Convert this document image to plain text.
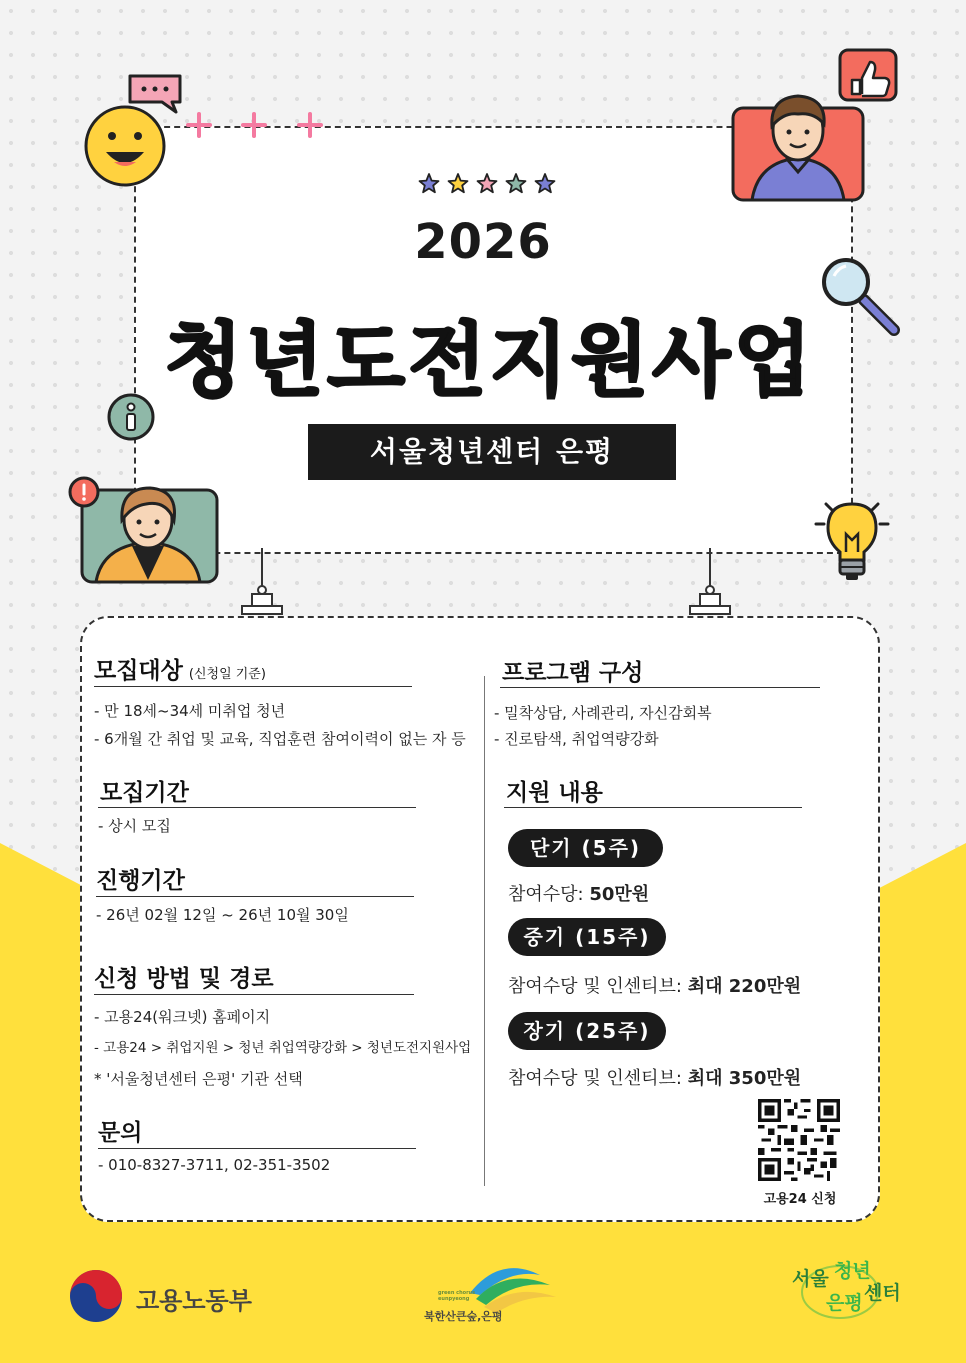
2026
청년도전지원사업
서울청년센터 은평
모집대상 (신청일 기준)
- 만 18세~34세 미취업 청년
- 6개월 간 취업 및 교육, 직업훈련 참여이력이 없는 자 등
모집기간
- 상시 모집
진행기간
- 26년 02월 12일 ~ 26년 10월 30일
신청 방법 및 경로
- 고용24(워크넷) 홈페이지
- 고용24 > 취업지원 > 청년 취업역량강화 > 청년도전지원사업
* '서울청년센터 은평' 기관 선택
문의
- 010-8327-3711, 02-351-3502
프로그램 구성
- 밀착상담, 사례관리, 자신감회복
- 진로탐색, 취업역량강화
지원 내용
단기 (5주)
참여수당: 50만원
중기 (15주)
참여수당 및 인센티브: 최대 220만원
장기 (25주)
참여수당 및 인센티브: 최대 350만원
고용24 신청
고용노동부
북한산큰숲,은평
green chorus eunpyeong
서울 청년
은평 센터
